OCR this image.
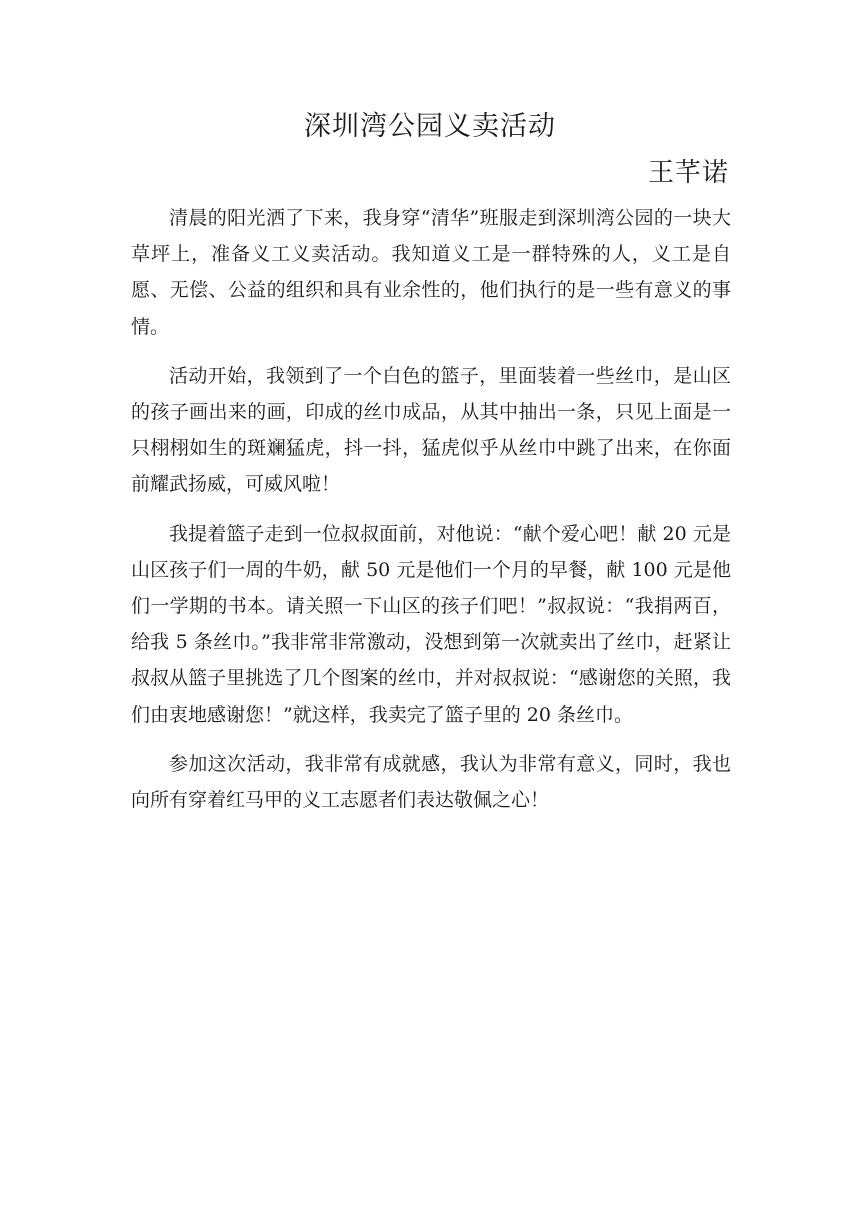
深圳湾公园义卖活动
王芊诺

清晨的阳光洒了下来，我身穿“清华”班服走到深圳湾公园的一块大草坪上，准备义工义卖活动。我知道义工是一群特殊的人，义工是自愿、无偿、公益的组织和具有业余性的，他们执行的是一些有意义的事情。

活动开始，我领到了一个白色的篮子，里面装着一些丝巾，是山区的孩子画出来的画，印成的丝巾成品，从其中抽出一条，只见上面是一只栩栩如生的斑斓猛虎，抖一抖，猛虎似乎从丝巾中跳了出来，在你面前耀武扬威，可威风啦！

我提着篮子走到一位叔叔面前，对他说：“献个爱心吧！献 20 元是山区孩子们一周的牛奶，献 50 元是他们一个月的早餐，献 100 元是他们一学期的书本。请关照一下山区的孩子们吧！”叔叔说：“我捐两百，给我 5 条丝巾。”我非常非常激动，没想到第一次就卖出了丝巾，赶紧让叔叔从篮子里挑选了几个图案的丝巾，并对叔叔说：“感谢您的关照，我们由衷地感谢您！”就这样，我卖完了篮子里的 20 条丝巾。

参加这次活动，我非常有成就感，我认为非常有意义，同时，我也向所有穿着红马甲的义工志愿者们表达敬佩之心！
